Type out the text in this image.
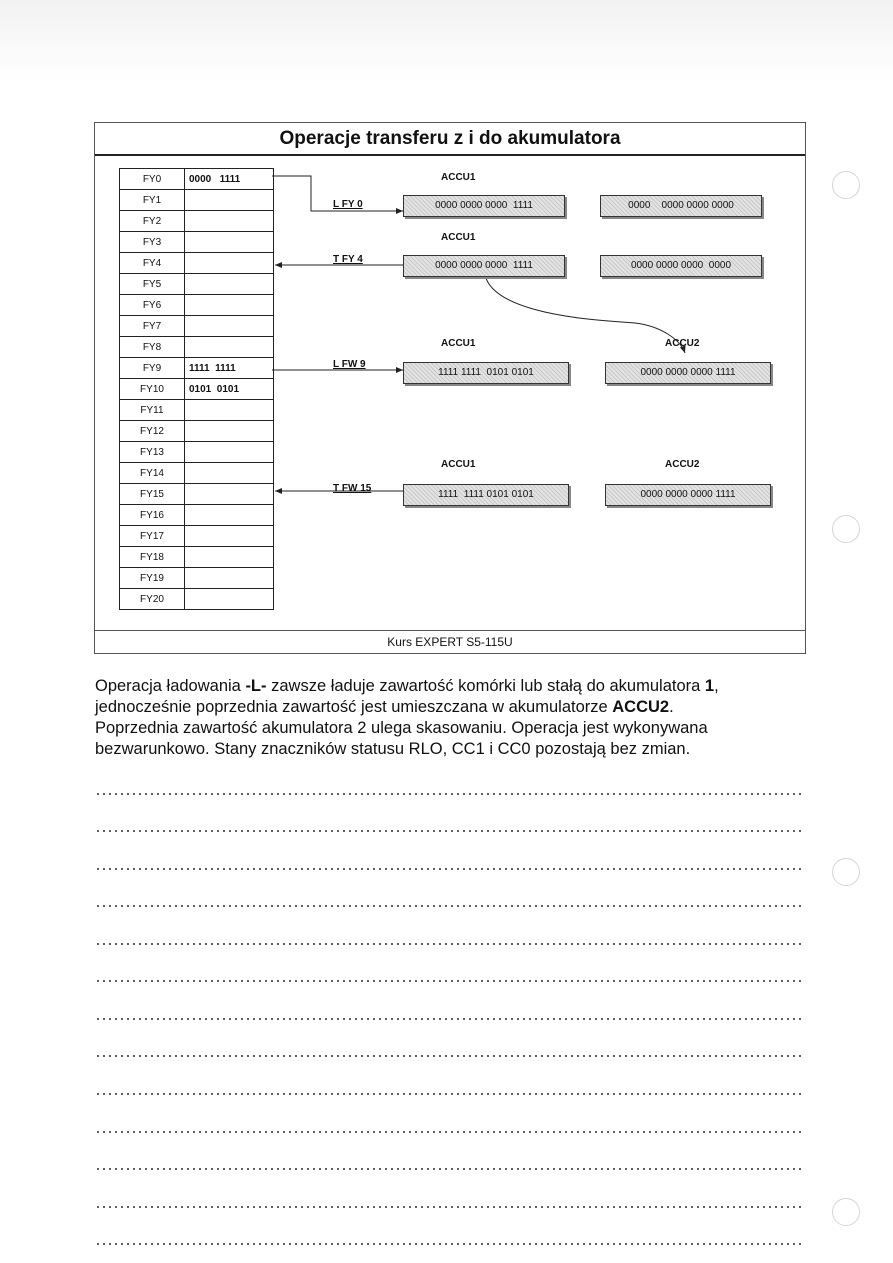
Operacje transferu z i do akumulatora
FY0	0000   1111
FY1	
FY2	
FY3	
FY4	
FY5	
FY6	
FY7	
FY8	
FY9	1111  1111
FY10	0101  0101
FY11	
FY12	
FY13	
FY14	
FY15	
FY16	
FY17	
FY18	
FY19	
FY20	
ACCU1
L FY 0	0000 0000 0000  1111	0000    0000 0000 0000
ACCU1
T FY 4
0000 0000 0000  1111	0000 0000 0000  0000
ACCU1	ACCU2
L FW 9
1111 1111  0101 0101	0000 0000 0000 1111
ACCU1	ACCU2
T FW 15
1111  1111 0101 0101	0000 0000 0000 1111
Kurs EXPERT S5-115U
Operacja ładowania -L- zawsze ładuje zawartość komórki lub stałą do akumulatora 1,
jednocześnie poprzednia zawartość jest umieszczana w akumulatorze ACCU2.
Poprzednia zawartość akumulatora 2 ulega skasowaniu. Operacja jest wykonywana
bezwarunkowo. Stany znaczników statusu RLO, CC1 i CC0 pozostają bez zmian.
